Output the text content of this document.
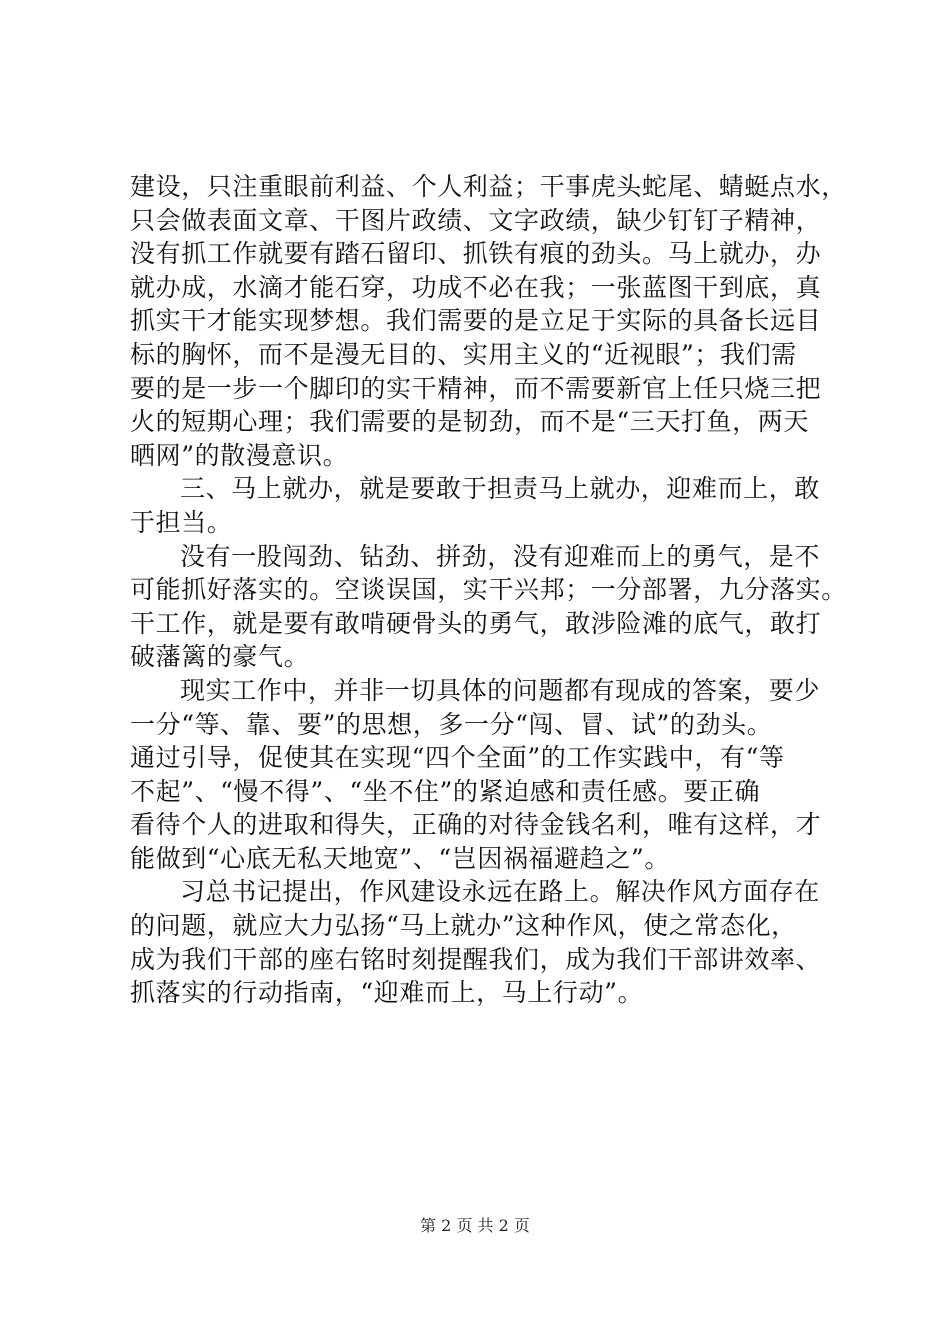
建设，只注重眼前利益、个人利益；干事虎头蛇尾、蜻蜓点水，
只会做表面文章、干图片政绩、文字政绩，缺少钉钉子精神，
没有抓工作就要有踏石留印、抓铁有痕的劲头。马上就办，办
就办成，水滴才能石穿，功成不必在我；一张蓝图干到底，真
抓实干才能实现梦想。我们需要的是立足于实际的具备长远目
标的胸怀，而不是漫无目的、实用主义的“近视眼”；我们需
要的是一步一个脚印的实干精神，而不需要新官上任只烧三把
火的短期心理；我们需要的是韧劲，而不是“三天打鱼，两天
晒网”的散漫意识。
三、马上就办，就是要敢于担责马上就办，迎难而上，敢
于担当。
没有一股闯劲、钻劲、拼劲，没有迎难而上的勇气，是不
可能抓好落实的。空谈误国，实干兴邦；一分部署，九分落实。
干工作，就是要有敢啃硬骨头的勇气，敢涉险滩的底气，敢打
破藩篱的豪气。
现实工作中，并非一切具体的问题都有现成的答案，要少
一分“等、靠、要”的思想，多一分“闯、冒、试”的劲头。
通过引导，促使其在实现“四个全面”的工作实践中，有“等
不起”、“慢不得”、“坐不住”的紧迫感和责任感。要正确
看待个人的进取和得失，正确的对待金钱名利，唯有这样，才
能做到“心底无私天地宽”、“岂因祸福避趋之”。
习总书记提出，作风建设永远在路上。解决作风方面存在
的问题，就应大力弘扬“马上就办”这种作风，使之常态化，
成为我们干部的座右铭时刻提醒我们，成为我们干部讲效率、
抓落实的行动指南，“迎难而上，马上行动”。
第 2 页 共 2 页
